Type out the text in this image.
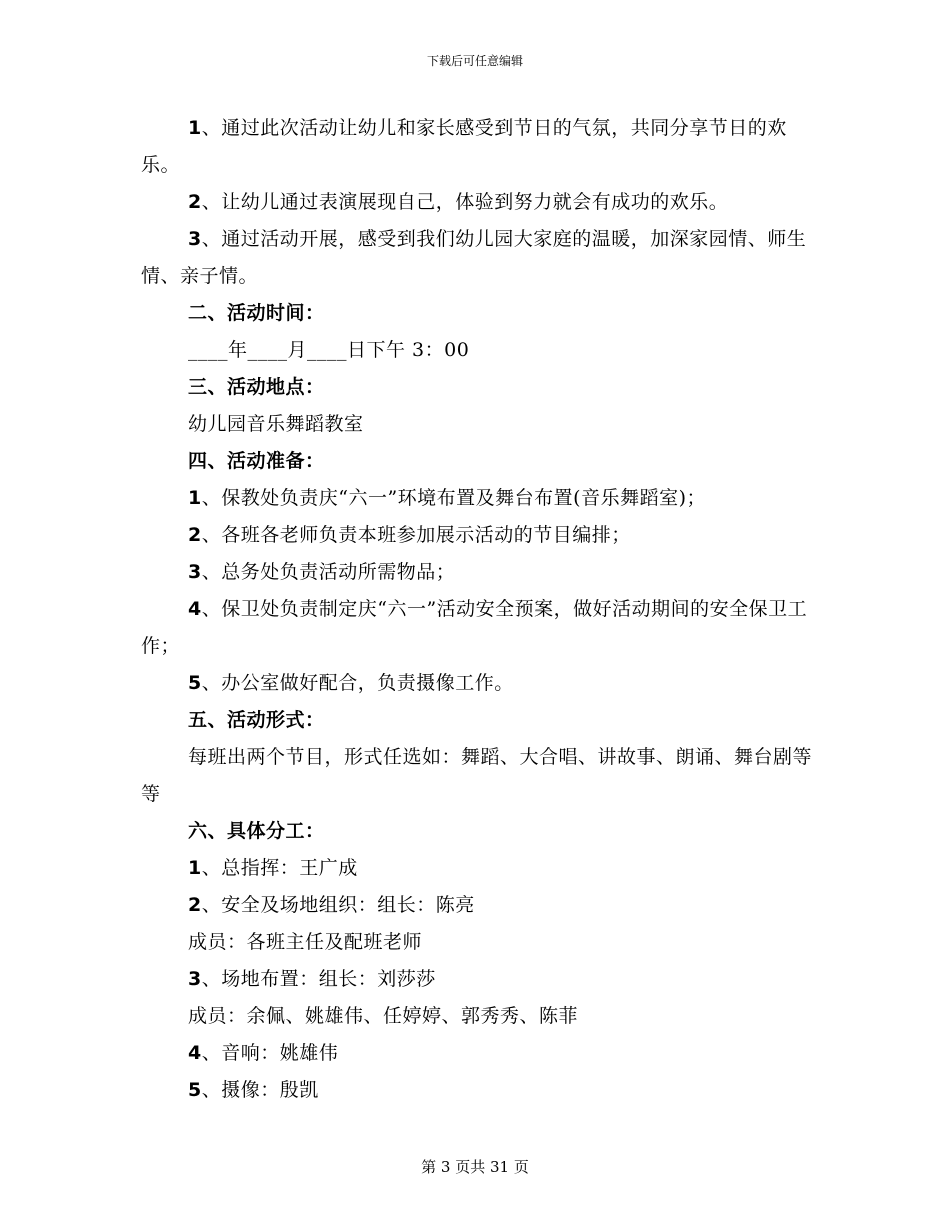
下载后可任意编辑

1、通过此次活动让幼儿和家长感受到节日的气氛，共同分享节日的欢乐。

2、让幼儿通过表演展现自己，体验到努力就会有成功的欢乐。

3、通过活动开展，感受到我们幼儿园大家庭的温暖，加深家园情、师生情、亲子情。

二、活动时间：

____年____月____日下午 3：00

三、活动地点：

幼儿园音乐舞蹈教室

四、活动准备：

1、保教处负责庆“六一”环境布置及舞台布置(音乐舞蹈室)；

2、各班各老师负责本班参加展示活动的节目编排；

3、总务处负责活动所需物品；

4、保卫处负责制定庆“六一”活动安全预案，做好活动期间的安全保卫工作；

5、办公室做好配合，负责摄像工作。

五、活动形式：

每班出两个节目，形式任选如：舞蹈、大合唱、讲故事、朗诵、舞台剧等等

六、具体分工：

1、总指挥：王广成

2、安全及场地组织：组长：陈亮

成员：各班主任及配班老师

3、场地布置：组长：刘莎莎

成员：余佩、姚雄伟、任婷婷、郭秀秀、陈菲

4、音响：姚雄伟

5、摄像：殷凯

第 3 页共 31 页
